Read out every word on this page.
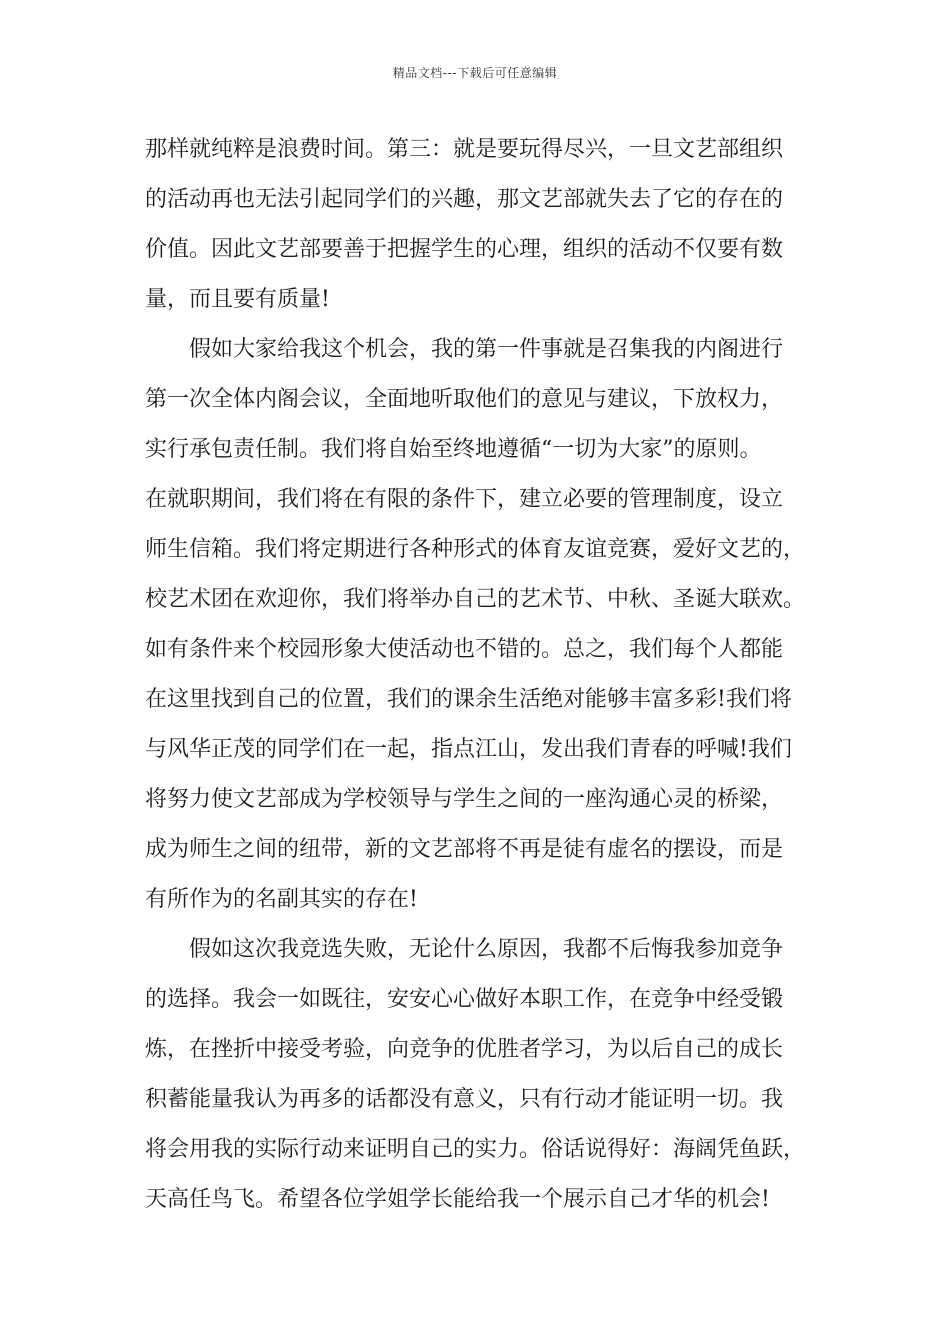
精品文档---下载后可任意编辑
那样就纯粹是浪费时间。第三：就是要玩得尽兴，一旦文艺部组织
的活动再也无法引起同学们的兴趣，那文艺部就失去了它的存在的
价值。因此文艺部要善于把握学生的心理，组织的活动不仅要有数
量，而且要有质量!
　　假如大家给我这个机会，我的第一件事就是召集我的内阁进行
第一次全体内阁会议，全面地听取他们的意见与建议，下放权力，
实行承包责任制。我们将自始至终地遵循“一切为大家”的原则。
在就职期间，我们将在有限的条件下，建立必要的管理制度，设立
师生信箱。我们将定期进行各种形式的体育友谊竞赛，爱好文艺的，
校艺术团在欢迎你，我们将举办自己的艺术节、中秋、圣诞大联欢。
如有条件来个校园形象大使活动也不错的。总之，我们每个人都能
在这里找到自己的位置，我们的课余生活绝对能够丰富多彩!我们将
与风华正茂的同学们在一起，指点江山，发出我们青春的呼喊!我们
将努力使文艺部成为学校领导与学生之间的一座沟通心灵的桥梁，
成为师生之间的纽带，新的文艺部将不再是徒有虚名的摆设，而是
有所作为的名副其实的存在!
　　假如这次我竞选失败，无论什么原因，我都不后悔我参加竞争
的选择。我会一如既往，安安心心做好本职工作，在竞争中经受锻
炼，在挫折中接受考验，向竞争的优胜者学习，为以后自己的成长
积蓄能量我认为再多的话都没有意义，只有行动才能证明一切。我
将会用我的实际行动来证明自己的实力。俗话说得好：海阔凭鱼跃，
天高任鸟飞。希望各位学姐学长能给我一个展示自己才华的机会!
